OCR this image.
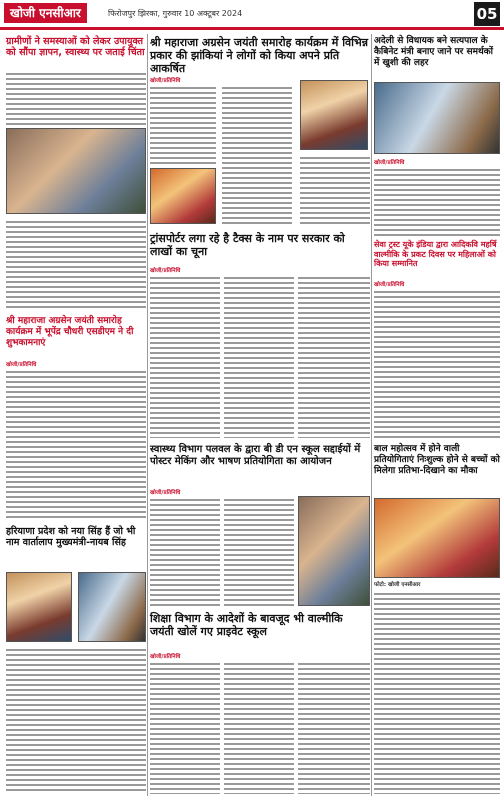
खोजी एनसीआर	फिरोजपुर झिरका, गुरुवार 10 अक्टूबर 2024	05
ग्रामीणों ने समस्याओं को लेकर उपायुक्त को सौंपा ज्ञापन, स्वास्थ्य पर जताई चिंता
श्री महाराजा अग्रसेन जयंती समारोह कार्यक्रम में विभिन्न प्रकार की झांकियां ने लोगों को किया अपने प्रति आकर्षित
खोजी/प्रतिनिधि
अदेली से विधायक बने सत्यपाल के कैबिनेट मंत्री बनाए जाने पर समर्थकों में खुशी की लहर
खोजी/प्रतिनिधि
श्री महाराजा अग्रसेन जयंती समारोह कार्यक्रम में भूपेंद्र चौधरी एसडीएम ने दी शुभकामनाएं
खोजी/प्रतिनिधि
ट्रांसपोर्टर लगा रहे है टैक्स के नाम पर सरकार को लाखों का चूना
खोजी/प्रतिनिधि
सेवा ट्रस्ट यूके इंडिया द्वारा आदिकवि महर्षि वाल्मीकि के प्रकट दिवस पर महिलाओं को किया सम्मानित
खोजी/प्रतिनिधि
हरियाणा प्रदेश को नया सिंह हैं जो भी नाम वार्तालाप मुख्यमंत्री-नायब सिंह
स्वास्थ्य विभाग पलवल के द्वारा बी डी एन स्कूल सद्दाईयों में पोस्टर मेकिंग और भाषण प्रतियोगिता का आयोजन
खोजी/प्रतिनिधि
बाल महोत्सव में होने वाली प्रतियोगिताएं निःशुल्क होने से बच्चों को मिलेगा प्रतिभा-दिखाने का मौका
फोटो: खोजी एनसीआर
शिक्षा विभाग के आदेशों के बावजूद भी वाल्मीकि जयंती खोलें गए प्राइवेट स्कूल
खोजी/प्रतिनिधि
